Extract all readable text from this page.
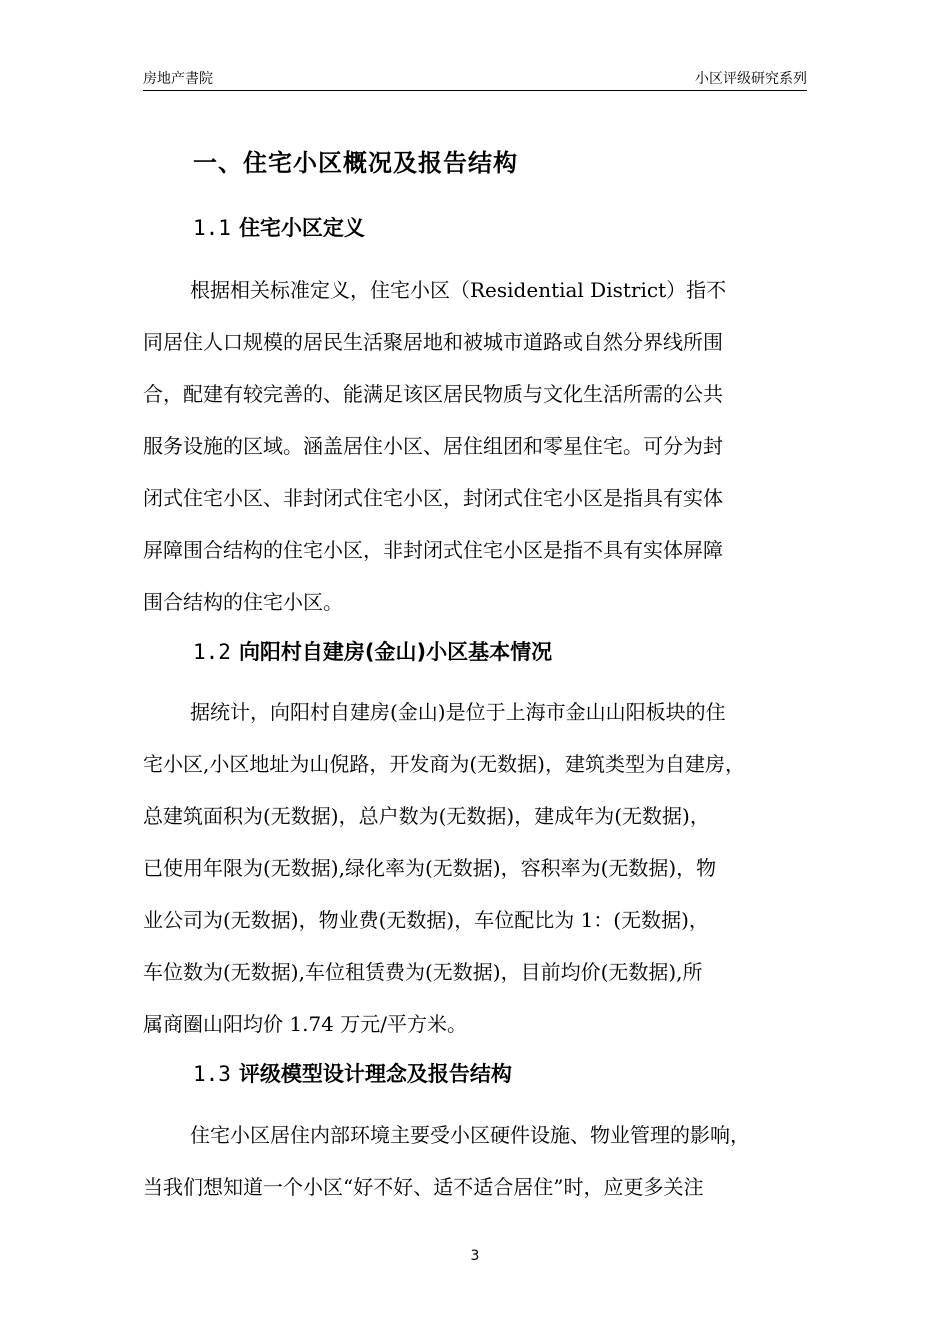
房地产書院	小区评级研究系列
一、住宅小区概况及报告结构
1.1 住宅小区定义
根据相关标准定义，住宅小区（Residential District）指不
同居住人口规模的居民生活聚居地和被城市道路或自然分界线所围
合，配建有较完善的、能满足该区居民物质与文化生活所需的公共
服务设施的区域。涵盖居住小区、居住组团和零星住宅。可分为封
闭式住宅小区、非封闭式住宅小区，封闭式住宅小区是指具有实体
屏障围合结构的住宅小区，非封闭式住宅小区是指不具有实体屏障
围合结构的住宅小区。
1.2 向阳村自建房(金山)小区基本情况
据统计，向阳村自建房(金山)是位于上海市金山山阳板块的住
宅小区,小区地址为山倪路，开发商为(无数据)，建筑类型为自建房，
总建筑面积为(无数据)，总户数为(无数据)，建成年为(无数据)，
已使用年限为(无数据),绿化率为(无数据)，容积率为(无数据)，物
业公司为(无数据)，物业费(无数据)，车位配比为 1：(无数据)，
车位数为(无数据),车位租赁费为(无数据)，目前均价(无数据),所
属商圈山阳均价 1.74 万元/平方米。
1.3 评级模型设计理念及报告结构
住宅小区居住内部环境主要受小区硬件设施、物业管理的影响，
当我们想知道一个小区“好不好、适不适合居住”时，应更多关注
3
